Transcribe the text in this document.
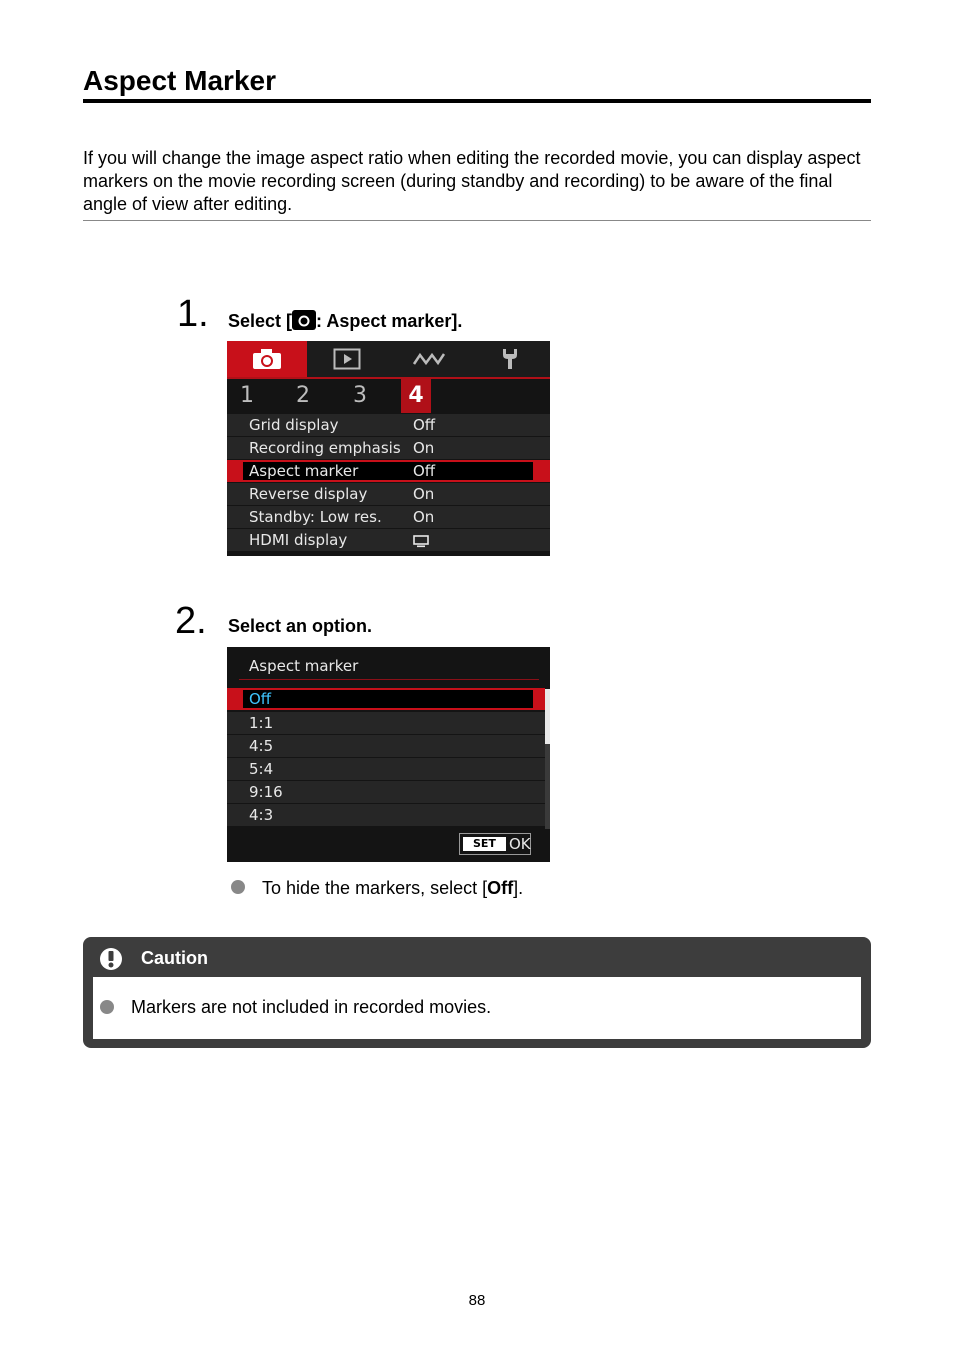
Aspect Marker

If you will change the image aspect ratio when editing the recorded movie, you can display aspect markers on the movie recording screen (during standby and recording) to be aware of the final angle of view after editing.

1. Select [ : Aspect marker].
1	2	3	4
Grid display	Off
Recording emphasis On
Aspect marker	Off
Reverse display	On
Standby: Low res. On
HDMI display
2. Select an option.
Aspect marker
Off
1:1
4:5
5:4
9:16
4:3
SET OK
To hide the markers, select [Off].
Caution
Markers are not included in recorded movies.
88
